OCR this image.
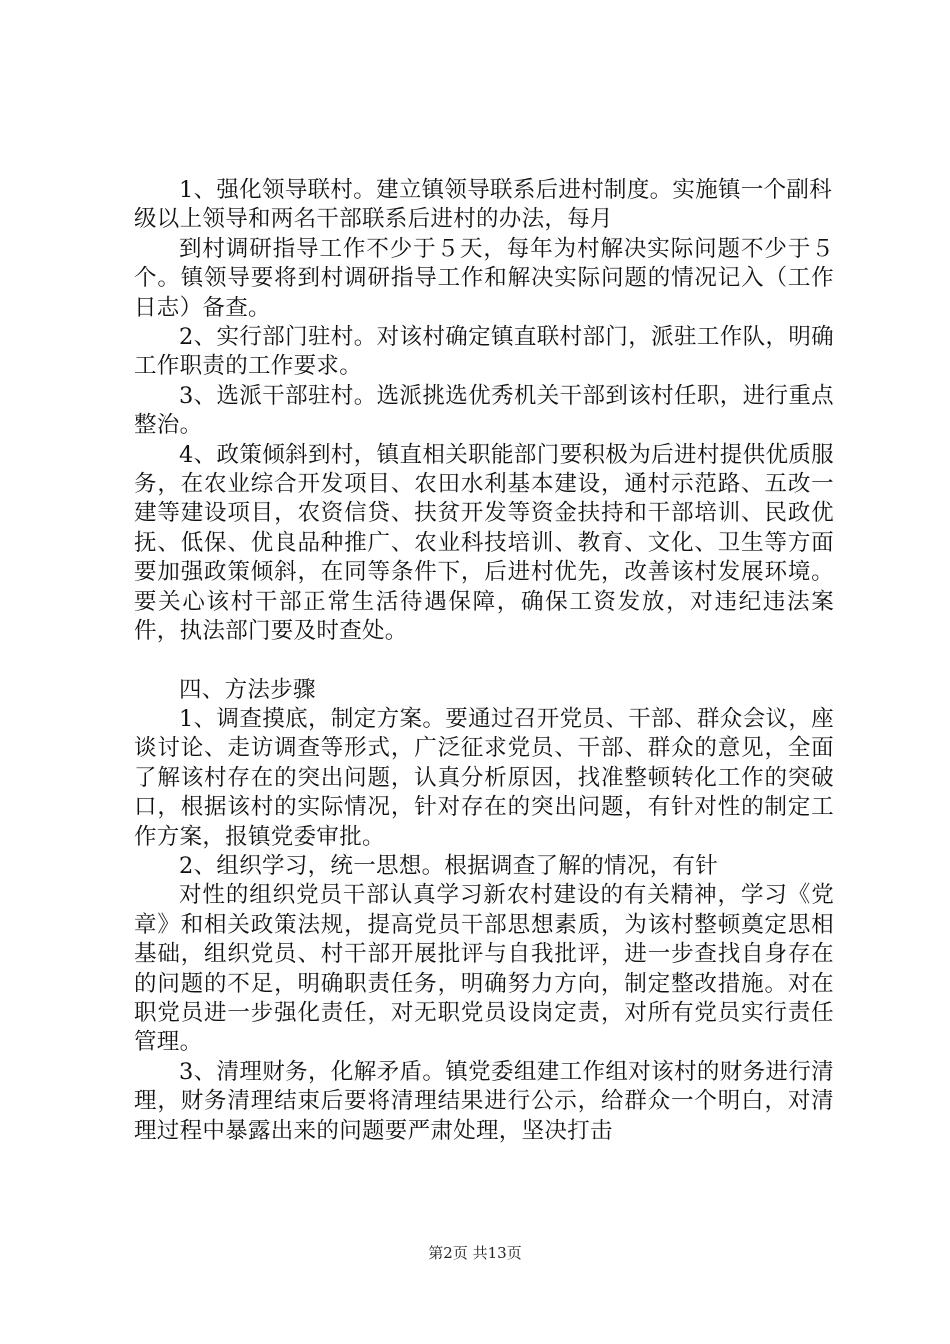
1、强化领导联村。建立镇领导联系后进村制度。实施镇一个副科级以上领导和两名干部联系后进村的办法，每月

到村调研指导工作不少于５天，每年为村解决实际问题不少于５个。镇领导要将到村调研指导工作和解决实际问题的情况记入（工作日志）备查。

2、实行部门驻村。对该村确定镇直联村部门，派驻工作队，明确工作职责的工作要求。

3、选派干部驻村。选派挑选优秀机关干部到该村任职，进行重点整治。

4、政策倾斜到村，镇直相关职能部门要积极为后进村提供优质服务，在农业综合开发项目、农田水利基本建设，通村示范路、五改一建等建设项目，农资信贷、扶贫开发等资金扶持和干部培训、民政优抚、低保、优良品种推广、农业科技培训、教育、文化、卫生等方面要加强政策倾斜，在同等条件下，后进村优先，改善该村发展环境。要关心该村干部正常生活待遇保障，确保工资发放，对违纪违法案件，执法部门要及时查处。

四、方法步骤

1、调查摸底，制定方案。要通过召开党员、干部、群众会议，座谈讨论、走访调查等形式，广泛征求党员、干部、群众的意见，全面了解该村存在的突出问题，认真分析原因，找准整顿转化工作的突破口，根据该村的实际情况，针对存在的突出问题，有针对性的制定工作方案，报镇党委审批。

2、组织学习，统一思想。根据调查了解的情况，有针

对性的组织党员干部认真学习新农村建设的有关精神，学习《党章》和相关政策法规，提高党员干部思想素质，为该村整顿奠定思相基础，组织党员、村干部开展批评与自我批评，进一步查找自身存在的问题的不足，明确职责任务，明确努力方向，制定整改措施。对在职党员进一步强化责任，对无职党员设岗定责，对所有党员实行责任管理。

3、清理财务，化解矛盾。镇党委组建工作组对该村的财务进行清理，财务清理结束后要将清理结果进行公示，给群众一个明白，对清理过程中暴露出来的问题要严肃处理，坚决打击

第2页 共13页
